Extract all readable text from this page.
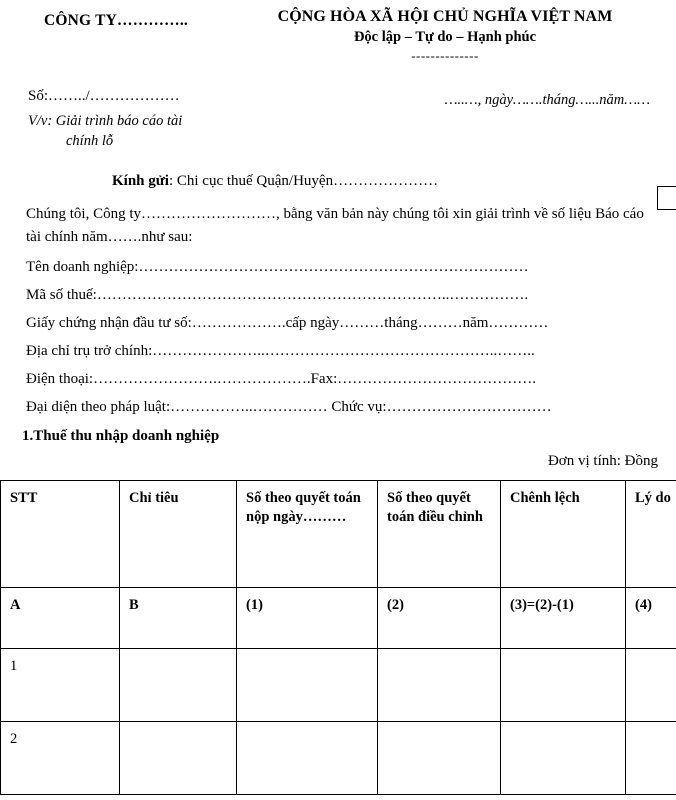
CÔNG TY…………..	CỘNG HÒA XÃ HỘI CHỦ NGHĨA VIỆT NAM
Độc lập – Tự do – Hạnh phúc
--------------
Số:……../………………
V/v: Giải trình báo cáo tài
chính lỗ
…..…, ngày…….tháng…...năm……
Kính gửi: Chi cục thuế Quận/Huyện…………………
Chúng tôi, Công ty………………………, bằng văn bản này chúng tôi xin giải trình về số liệu Báo cáo tài chính năm…….như sau:
Tên doanh nghiệp:……………………………………………………………………
Mã số thuế:……………………………………………………………..…………….
Giấy chứng nhận đầu tư số:……………….cấp ngày………tháng………năm…………
Địa chỉ trụ trở chính:…………………..………………………………………..……..
Điện thoại:…………………….……………….Fax:………………………………….
Đại diện theo pháp luật:……………..…………… Chức vụ:……………………………
1.Thuế thu nhập doanh nghiệp
Đơn vị tính: Đồng
STT	Chỉ tiêu	Số theo quyết toán nộp ngày………	Số theo quyết toán điều chỉnh	Chênh lệch	Lý do
A	B	(1)	(2)	(3)=(2)-(1)	(4)
1					
2					
